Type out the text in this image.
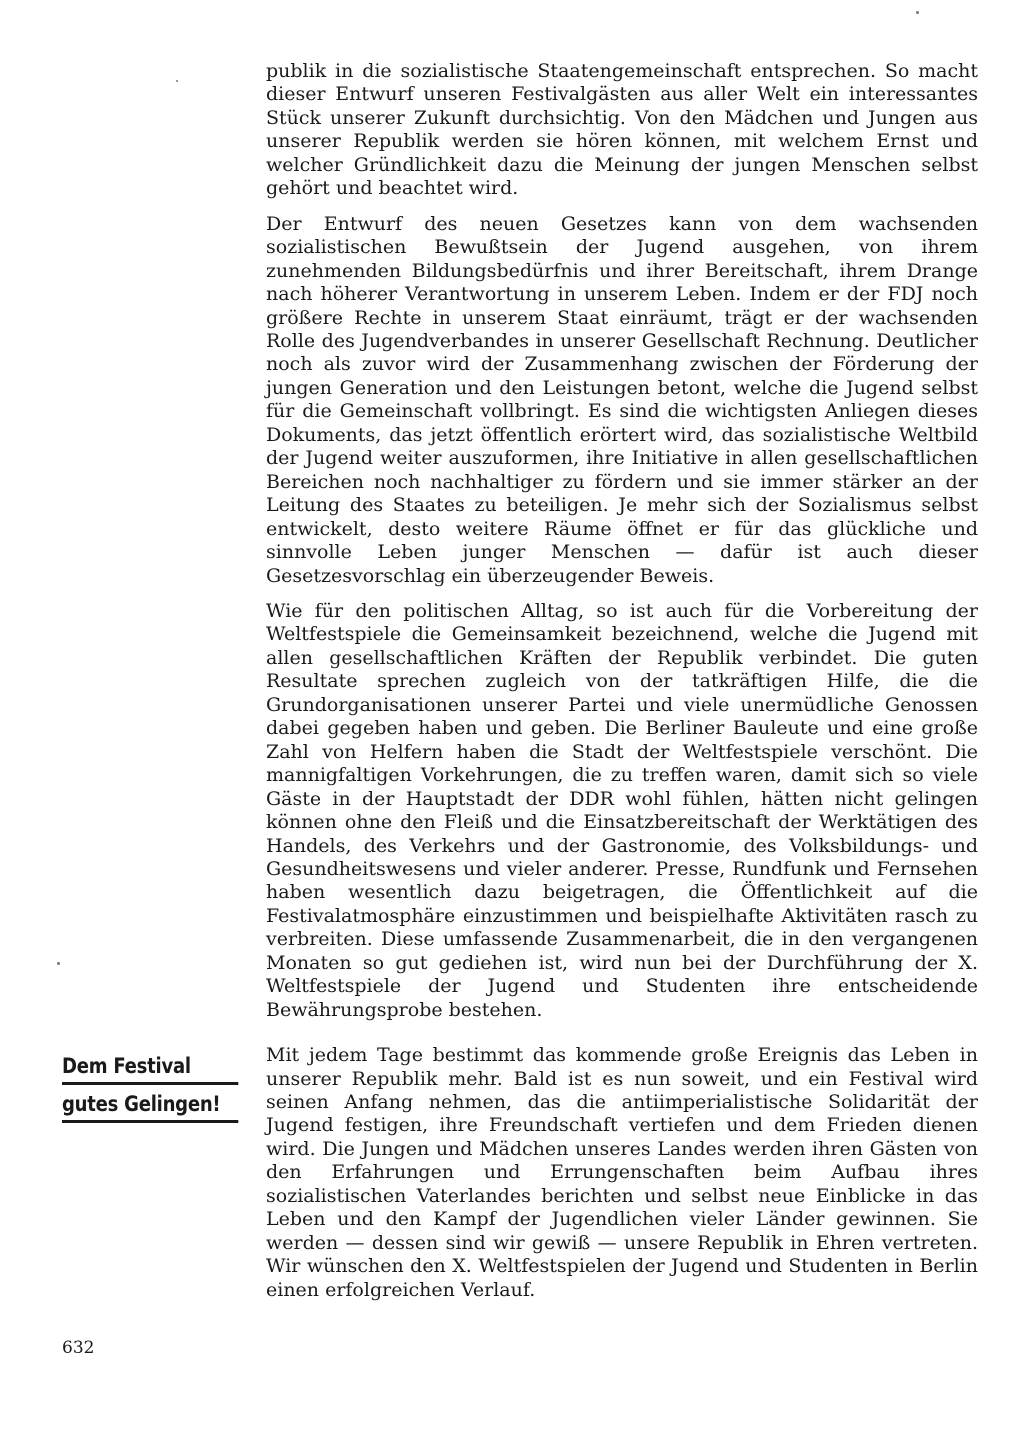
publik in die sozialistische Staatengemeinschaft entsprechen. So macht dieser Entwurf unseren Festivalgästen aus aller Welt ein interessantes Stück unserer Zukunft durchsichtig. Von den Mädchen und Jungen aus unserer Republik werden sie hören können, mit welchem Ernst und welcher Gründlichkeit dazu die Meinung der jungen Menschen selbst gehört und beachtet wird.

Der Entwurf des neuen Gesetzes kann von dem wachsenden sozialistischen Bewußtsein der Jugend ausgehen, von ihrem zunehmenden Bildungsbedürfnis und ihrer Bereitschaft, ihrem Drange nach höherer Verantwortung in unserem Leben. Indem er der FDJ noch größere Rechte in unserem Staat einräumt, trägt er der wachsenden Rolle des Jugendverbandes in unserer Gesellschaft Rechnung. Deutlicher noch als zuvor wird der Zusammenhang zwischen der Förderung der jungen Generation und den Leistungen betont, welche die Jugend selbst für die Gemeinschaft vollbringt. Es sind die wichtigsten Anliegen dieses Dokuments, das jetzt öffentlich erörtert wird, das sozialistische Weltbild der Jugend weiter auszuformen, ihre Initiative in allen gesellschaftlichen Bereichen noch nachhaltiger zu fördern und sie immer stärker an der Leitung des Staates zu beteiligen. Je mehr sich der Sozialismus selbst entwickelt, desto weitere Räume öffnet er für das glückliche und sinnvolle Leben junger Menschen — dafür ist auch dieser Gesetzesvorschlag ein überzeugender Beweis.

Wie für den politischen Alltag, so ist auch für die Vorbereitung der Weltfestspiele die Gemeinsamkeit bezeichnend, welche die Jugend mit allen gesellschaftlichen Kräften der Republik verbindet. Die guten Resultate sprechen zugleich von der tatkräftigen Hilfe, die die Grundorganisationen unserer Partei und viele unermüdliche Genossen dabei gegeben haben und geben. Die Berliner Bauleute und eine große Zahl von Helfern haben die Stadt der Weltfestspiele verschönt. Die mannigfaltigen Vorkehrungen, die zu treffen waren, damit sich so viele Gäste in der Hauptstadt der DDR wohl fühlen, hätten nicht gelingen können ohne den Fleiß und die Einsatzbereitschaft der Werktätigen des Handels, des Verkehrs und der Gastronomie, des Volksbildungs- und Gesundheitswesens und vieler anderer. Presse, Rundfunk und Fernsehen haben wesentlich dazu beigetragen, die Öffentlichkeit auf die Festivalatmosphäre einzustimmen und beispielhafte Aktivitäten rasch zu verbreiten. Diese umfassende Zusammenarbeit, die in den vergangenen Monaten so gut gediehen ist, wird nun bei der Durchführung der X. Weltfestspiele der Jugend und Studenten ihre entscheidende Bewährungsprobe bestehen.

Mit jedem Tage bestimmt das kommende große Ereignis das Leben in unserer Republik mehr. Bald ist es nun soweit, und ein Festival wird seinen Anfang nehmen, das die antiimperialistische Solidarität der Jugend festigen, ihre Freundschaft vertiefen und dem Frieden dienen wird. Die Jungen und Mädchen unseres Landes werden ihren Gästen von den Erfahrungen und Errungenschaften beim Aufbau ihres sozialistischen Vaterlandes berichten und selbst neue Einblicke in das Leben und den Kampf der Jugendlichen vieler Länder gewinnen. Sie werden — dessen sind wir gewiß — unsere Republik in Ehren vertreten. Wir wünschen den X. Weltfestspielen der Jugend und Studenten in Berlin einen erfolgreichen Verlauf.

Dem Festival
gutes Gelingen!
632
